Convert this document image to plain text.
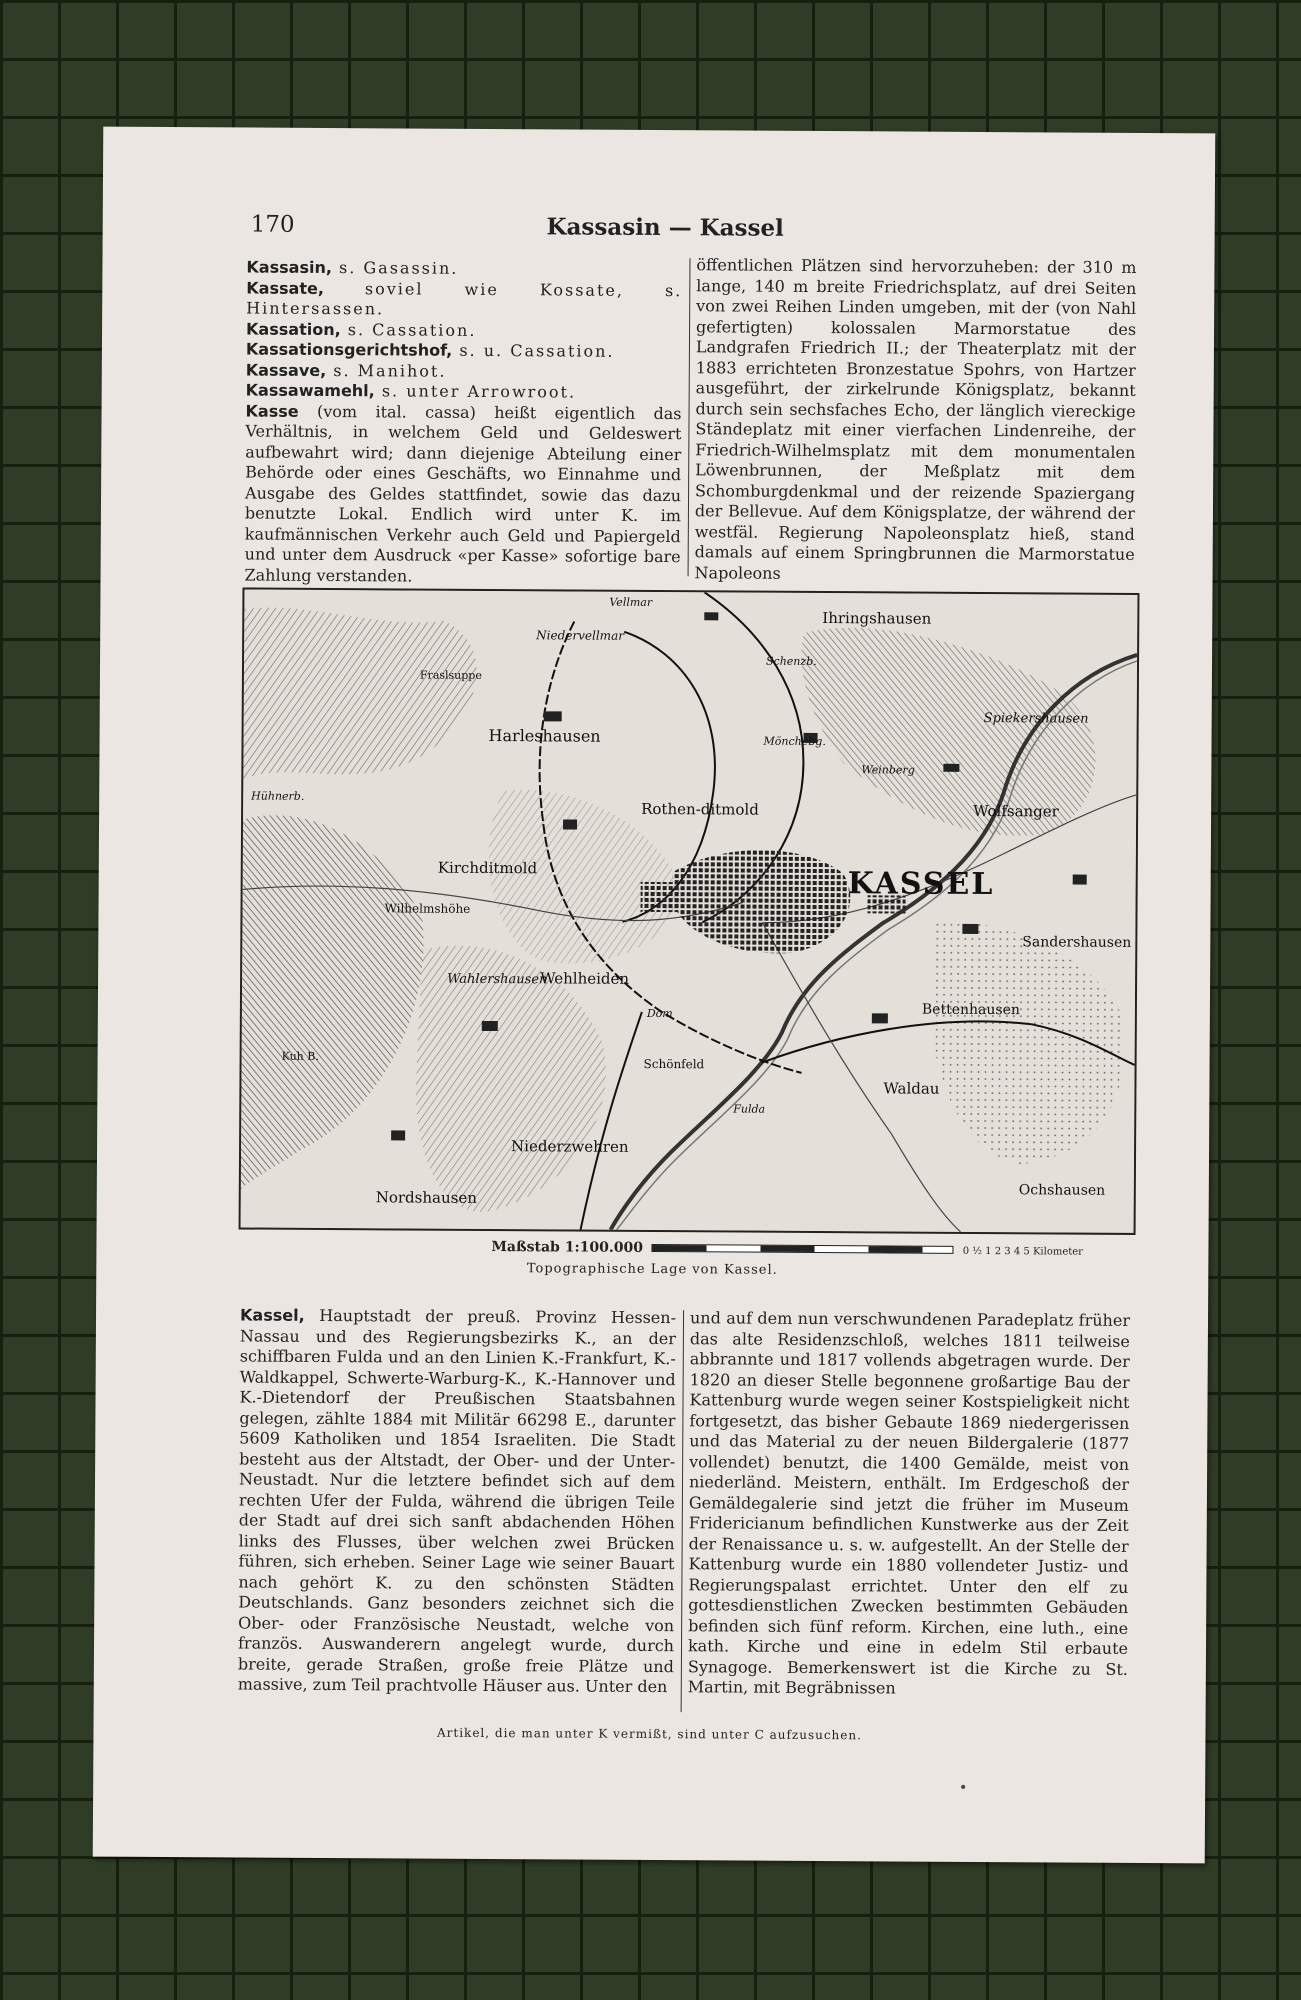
170	Kassasin — Kassel

Kassasin, s. Gasassin.

Kassate, soviel wie Kossate, s. Hintersassen.

Kassation, s. Cassation.

Kassationsgerichtshof, s. u. Cassation.

Kassave, s. Manihot.

Kassawamehl, s. unter Arrowroot.

Kasse (vom ital. cassa) heißt eigentlich das Verhältnis, in welchem Geld und Geldeswert aufbewahrt wird; dann diejenige Abteilung einer Behörde oder eines Geschäfts, wo Einnahme und Ausgabe des Geldes stattfindet, sowie das dazu benutzte Lokal. Endlich wird unter K. im kaufmännischen Verkehr auch Geld und Papiergeld und unter dem Ausdruck «per Kasse» sofortige bare Zahlung verstanden.

öffentlichen Plätzen sind hervorzuheben: der 310 m lange, 140 m breite Friedrichsplatz, auf drei Seiten von zwei Reihen Linden umgeben, mit der (von Nahl gefertigten) kolossalen Marmorstatue des Landgrafen Friedrich II.; der Theaterplatz mit der 1883 errichteten Bronzestatue Spohrs, von Hartzer ausgeführt, der zirkelrunde Königsplatz, bekannt durch sein sechsfaches Echo, der länglich viereckige Ständeplatz mit einer vierfachen Lindenreihe, der Friedrich-Wilhelmsplatz mit dem monumentalen Löwenbrunnen, der Meßplatz mit dem Schomburgdenkmal und der reizende Spaziergang der Bellevue. Auf dem Königsplatze, der während der westfäl. Regierung Napoleonsplatz hieß, stand damals auf einem Springbrunnen die Marmorstatue Napoleons

KASSEL
Ihringshausen
Niedervellmar
Vellmar
Fraslsuppe
Harleshausen
Rothen-ditmold
Kirchditmold
Wilhelmshöhe
Wahlershausen
Wehlheiden
Spiekershausen
Wolfsanger
Sandershausen
Bettenhausen
Waldau
Ochshausen
Niederzwehren
Nordshausen
Hühnerb.
Kuh B.
Mönchebg.
Schenzb.
Weinberg
Dom
Schönfeld
Fulda
Maßstab 1:100.000	0 ½ 1 2 3 4 5 Kilometer
Topographische Lage von Kassel.

Kassel, Hauptstadt der preuß. Provinz Hessen-Nassau und des Regierungsbezirks K., an der schiffbaren Fulda und an den Linien K.-Frankfurt, K.-Waldkappel, Schwerte-Warburg-K., K.-Hannover und K.-Dietendorf der Preußischen Staatsbahnen gelegen, zählte 1884 mit Militär 66298 E., darunter 5609 Katholiken und 1854 Israeliten. Die Stadt besteht aus der Altstadt, der Ober- und der Unter-Neustadt. Nur die letztere befindet sich auf dem rechten Ufer der Fulda, während die übrigen Teile der Stadt auf drei sich sanft abdachenden Höhen links des Flusses, über welchen zwei Brücken führen, sich erheben. Seiner Lage wie seiner Bauart nach gehört K. zu den schönsten Städten Deutschlands. Ganz besonders zeichnet sich die Ober- oder Französische Neustadt, welche von französ. Auswanderern angelegt wurde, durch breite, gerade Straßen, große freie Plätze und massive, zum Teil prachtvolle Häuser aus. Unter den

und auf dem nun verschwundenen Paradeplatz früher das alte Residenzschloß, welches 1811 teilweise abbrannte und 1817 vollends abgetragen wurde. Der 1820 an dieser Stelle begonnene großartige Bau der Kattenburg wurde wegen seiner Kostspieligkeit nicht fortgesetzt, das bisher Gebaute 1869 niedergerissen und das Material zu der neuen Bildergalerie (1877 vollendet) benutzt, die 1400 Gemälde, meist von niederländ. Meistern, enthält. Im Erdgeschoß der Gemäldegalerie sind jetzt die früher im Museum Fridericianum befindlichen Kunstwerke aus der Zeit der Renaissance u. s. w. aufgestellt. An der Stelle der Kattenburg wurde ein 1880 vollendeter Justiz- und Regierungspalast errichtet. Unter den elf zu gottesdienstlichen Zwecken bestimmten Gebäuden befinden sich fünf reform. Kirchen, eine luth., eine kath. Kirche und eine in edelm Stil erbaute Synagoge. Bemerkenswert ist die Kirche zu St. Martin, mit Begräbnissen

Artikel, die man unter K vermißt, sind unter C aufzusuchen.
